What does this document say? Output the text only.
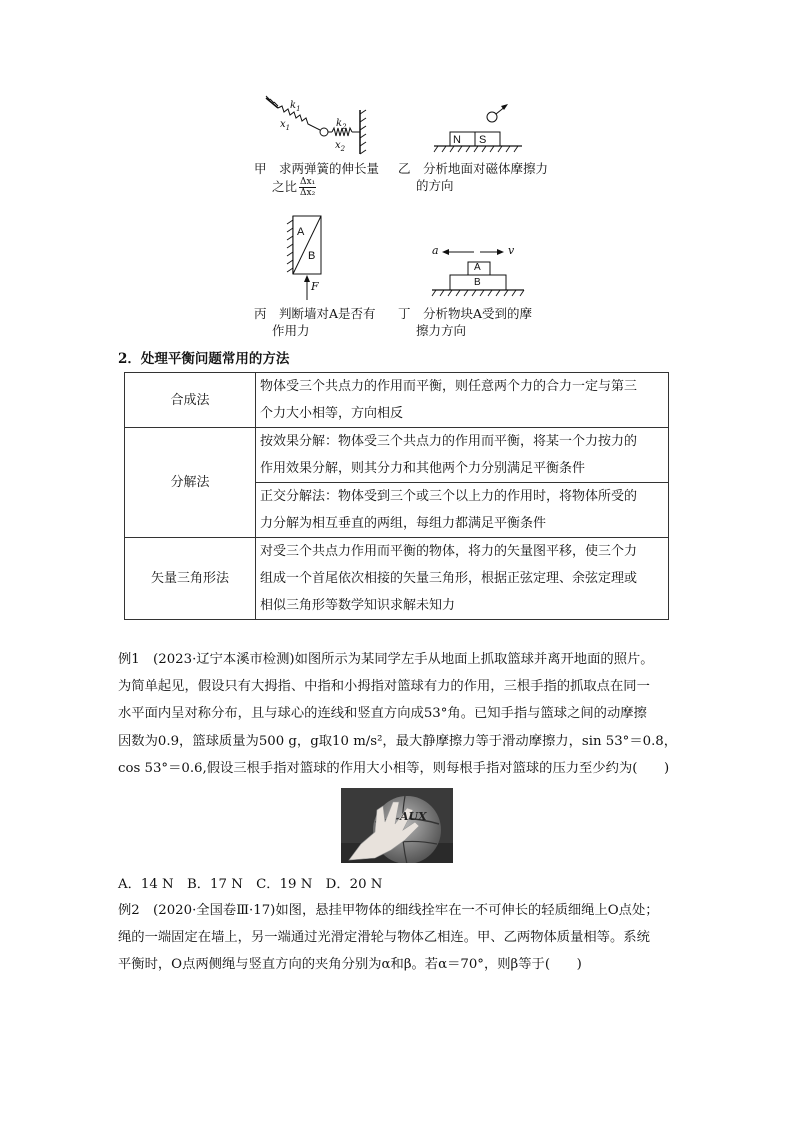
$k_1$
$x_1$	$k_2$
$x_2$
甲　求两弹簧的伸长量
之比 $\frac{\text{Δx₁}}{\text{Δx₂}}$
N S
乙　分析地面对磁体摩擦力
的方向
A
B
F
丙　判断墙对A是否有
作用力
a	v
A
B
丁　分析物块A受到的摩
擦力方向
2．处理平衡问题常用的方法
合成法	物体受三个共点力的作用而平衡，则任意两个力的合力一定与第三
个力大小相等，方向相反

分解法	按效果分解：物体受三个共点力的作用而平衡，将某一个力按力的
作用效果分解，则其分力和其他两个力分别满足平衡条件

	正交分解法：物体受到三个或三个以上力的作用时，将物体所受的
力分解为相互垂直的两组，每组力都满足平衡条件

矢量三角形法	对受三个共点力作用而平衡的物体，将力的矢量图平移，使三个力
组成一个首尾依次相接的矢量三角形，根据正弦定理、余弦定理或
相似三角形等数学知识求解未知力

例1　(2023·辽宁本溪市检测)如图所示为某同学左手从地面上抓取篮球并离开地面的照片。

为简单起见，假设只有大拇指、中指和小拇指对篮球有力的作用，三根手指的抓取点在同一

水平面内呈对称分布，且与球心的连线和竖直方向成53°角。已知手指与篮球之间的动摩擦

因数为0.9，篮球质量为500 g，g取10 m/s²，最大静摩擦力等于滑动摩擦力，sin 53°＝0.8，

cos 53°＝0.6,假设三根手指对篮球的作用大小相等，则每根手指对篮球的压力至少约为(　　)

AUX
A．14 N　B．17 N　C．19 N　D．20 N

例2　(2020·全国卷Ⅲ·17)如图，悬挂甲物体的细线拴牢在一不可伸长的轻质细绳上O点处；

绳的一端固定在墙上，另一端通过光滑定滑轮与物体乙相连。甲、乙两物体质量相等。系统

平衡时，O点两侧绳与竖直方向的夹角分别为α和β。若α＝70°，则β等于(　　)
